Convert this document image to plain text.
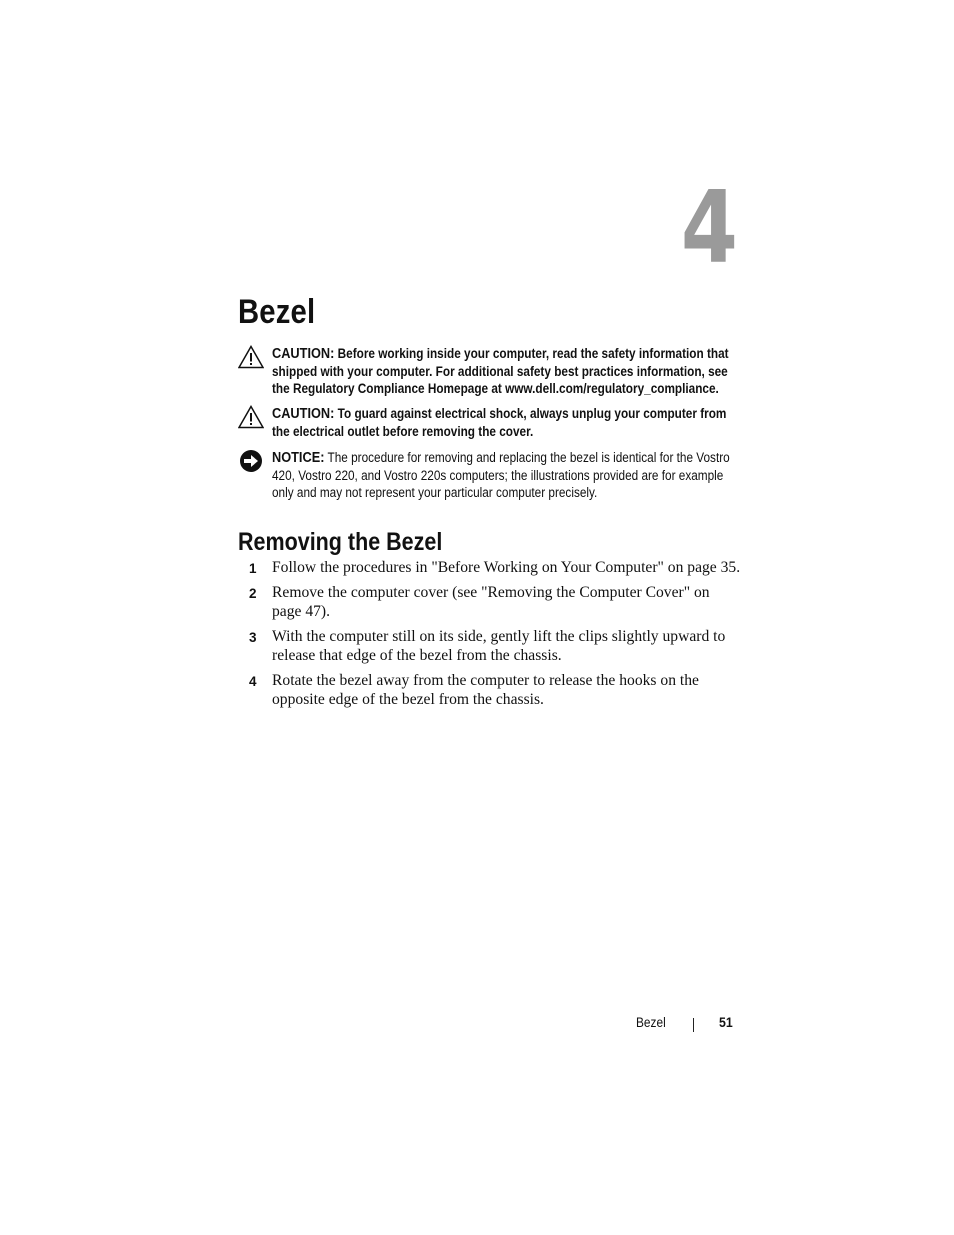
4
Bezel
CAUTION: Before working inside your computer, read the safety information that shipped with your computer. For additional safety best practices information, see the Regulatory Compliance Homepage at www.dell.com/regulatory_compliance.
CAUTION: To guard against electrical shock, always unplug your computer from the electrical outlet before removing the cover.
NOTICE: The procedure for removing and replacing the bezel is identical for the Vostro 420, Vostro 220, and Vostro 220s computers; the illustrations provided are for example only and may not represent your particular computer precisely.
Removing the Bezel
1 Follow the procedures in "Before Working on Your Computer" on page 35.
2 Remove the computer cover (see "Removing the Computer Cover" on page 47).
3 With the computer still on its side, gently lift the clips slightly upward to release that edge of the bezel from the chassis.
4 Rotate the bezel away from the computer to release the hooks on the opposite edge of the bezel from the chassis.
Bezel	51
